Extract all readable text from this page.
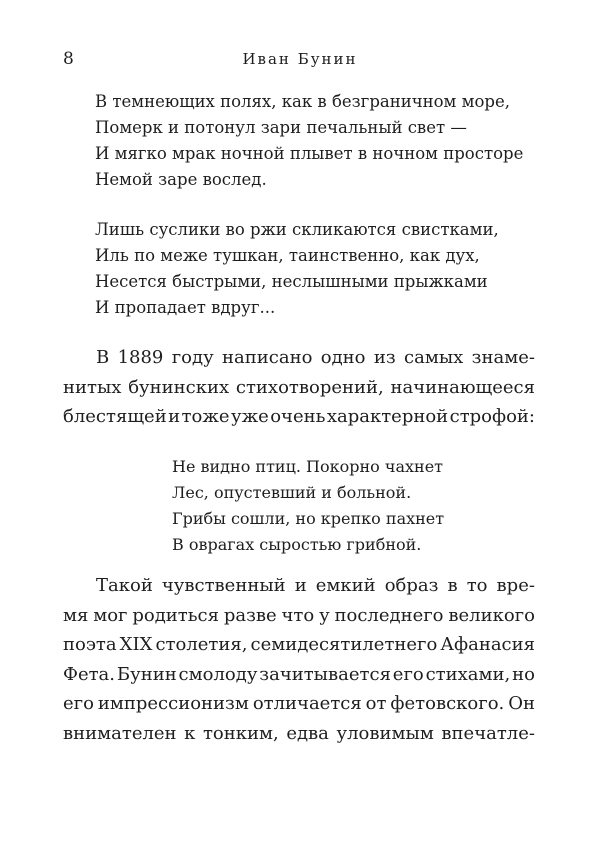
8	Иван Бунин
В темнеющих полях, как в безграничном море,
Померк и потонул зари печальный свет —
И мягко мрак ночной плывет в ночном просторе
Немой заре вослед.
Лишь суслики во ржи скликаются свистками,
Иль по меже тушкан, таинственно, как дух,
Несется быстрыми, неслышными прыжками
И пропадает вдруг...
В 1889 году написано одно из самых знаме-
нитых бунинских стихотворений, начинающееся
блестящей и тоже уже очень характерной строфой:
Не видно птиц. Покорно чахнет
Лес, опустевший и больной.
Грибы сошли, но крепко пахнет
В оврагах сыростью грибной.
Такой чувственный и емкий образ в то вре-
мя мог родиться разве что у последнего великого
поэта XIX столетия, семидесятилетнего Афанасия
Фета. Бунин смолоду зачитывается его стихами, но
его импрессионизм отличается от фетовского. Он
внимателен к тонким, едва уловимым впечатле-
